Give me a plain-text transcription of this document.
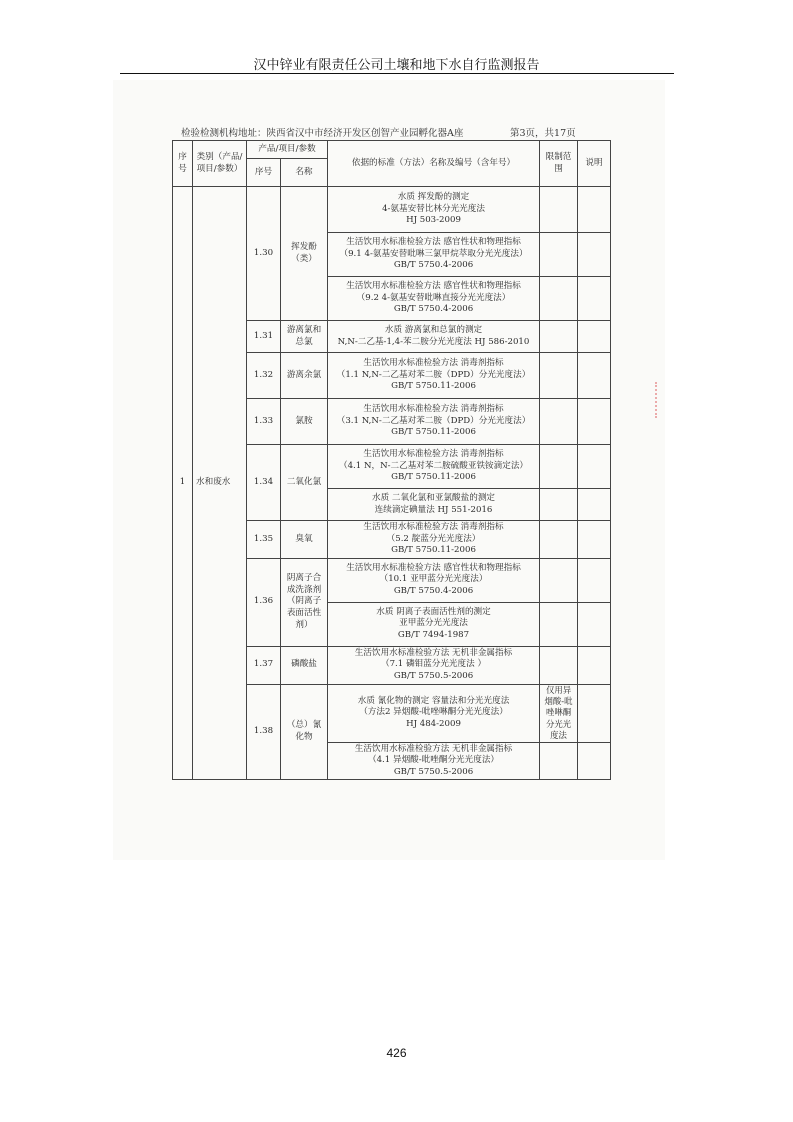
汉中锌业有限责任公司土壤和地下水自行监测报告
检验检测机构地址：陕西省汉中市经济开发区创智产业园孵化器A座	第3页，共17页
序号	类别（产品/项目/参数）	产品/项目/参数		依据的标准（方法）名称及编号（含年号）	限制范围	说明
		序号	名称			
1	水和废水	1.30	挥发酚（类）	水质 挥发酚的测定
4-氨基安替比林分光光度法
HJ 503-2009		

				生活饮用水标准检验方法 感官性状和物理指标
（9.1 4-氨基安替吡啉三氯甲烷萃取分光光度法）
GB/T 5750.4-2006		

				生活饮用水标准检验方法 感官性状和物理指标
（9.2 4-氨基安替吡啉直接分光光度法）
GB/T 5750.4-2006		

		1.31	游离氯和总氯	水质 游离氯和总氯的测定
N,N-二乙基-1,4-苯二胺分光光度法 HJ 586-2010		

		1.32	游离余氯	生活饮用水标准检验方法 消毒剂指标
（1.1 N,N-二乙基对苯二胺（DPD）分光光度法）
GB/T 5750.11-2006		

		1.33	氯胺	生活饮用水标准检验方法 消毒剂指标
（3.1 N,N-二乙基对苯二胺（DPD）分光光度法）
GB/T 5750.11-2006		

		1.34	二氧化氯	生活饮用水标准检验方法 消毒剂指标
（4.1 N，N-二乙基对苯二胺硫酸亚铁铵滴定法）
GB/T 5750.11-2006		

				水质 二氧化氯和亚氯酸盐的测定
连续滴定碘量法 HJ 551-2016		

		1.35	臭氧	生活饮用水标准检验方法 消毒剂指标
（5.2 靛蓝分光光度法）
GB/T 5750.11-2006		

		1.36	阴离子合成洗涤剂（阴离子表面活性剂）	生活饮用水标准检验方法 感官性状和物理指标
（10.1 亚甲蓝分光光度法）
GB/T 5750.4-2006		

				水质 阴离子表面活性剂的测定
亚甲蓝分光光度法
GB/T 7494-1987		

		1.37	磷酸盐	生活饮用水标准检验方法 无机非金属指标
（7.1 磷钼蓝分光光度法 ）
GB/T 5750.5-2006		

		1.38	（总）氰化物	水质 氰化物的测定 容量法和分光光度法
（方法2 异烟酸-吡唑啉酮分光光度法）
HJ 484-2009	仅用异烟酸-吡唑啉酮分光光度法	

				生活饮用水标准检验方法 无机非金属指标
（4.1 异烟酸-吡唑酮分光光度法）
GB/T 5750.5-2006		

426
